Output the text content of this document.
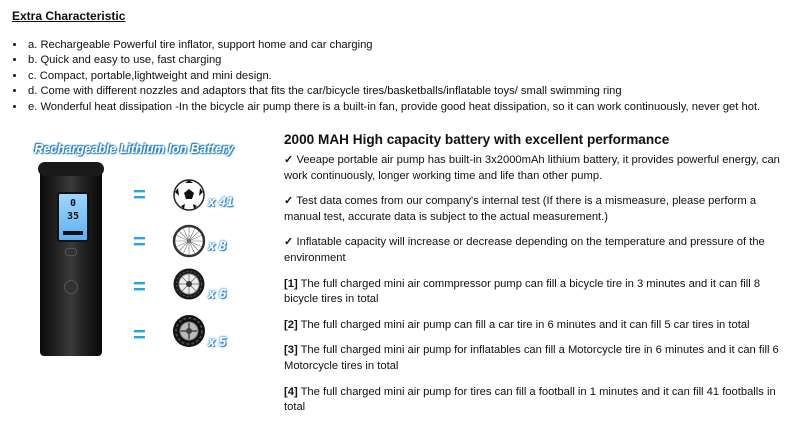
Extra Characteristic
• a. Rechargeable Powerful tire inflator, support home and car charging
• b. Quick and easy to use, fast charging
• c. Compact, portable,lightweight and mini design.
• d. Come with different nozzles and adaptors that fits the car/bicycle tires/basketballs/inflatable toys/ small swimming ring
• e. Wonderful heat dissipation -In the bicycle air pump there is a built-in fan, provide good heat dissipation, so it can work continuously, never get hot.
Rechargeable Lithium Ion Battery
0
35
=	x 41
=	x 8
=	x 6
=	x 5
2000 MAH High capacity battery with excellent performance

✓ Veeape portable air pump has built-in 3x2000mAh lithium battery, it provides powerful energy, can work continuously, longer working time and life than other pump.

✓ Test data comes from our company's internal test (If there is a mismeasure, please perform a manual test, accurate data is subject to the actual measurement.)

✓ Inflatable capacity will increase or decrease depending on the temperature and pressure of the environment

[1] The full charged mini air commpressor pump can fill a bicycle tire in 3 minutes and it can fill 8 bicycle tires in total

[2] The full charged mini air pump can fill a car tire in 6 minutes and it can fill 5 car tires in total

[3] The full charged mini air pump for inflatables can fill a Motorcycle tire in 6 minutes and it can fill 6 Motorcycle tires in total

[4] The full charged mini air pump for tires can fill a football in 1 minutes and it can fill 41 footballs in total
